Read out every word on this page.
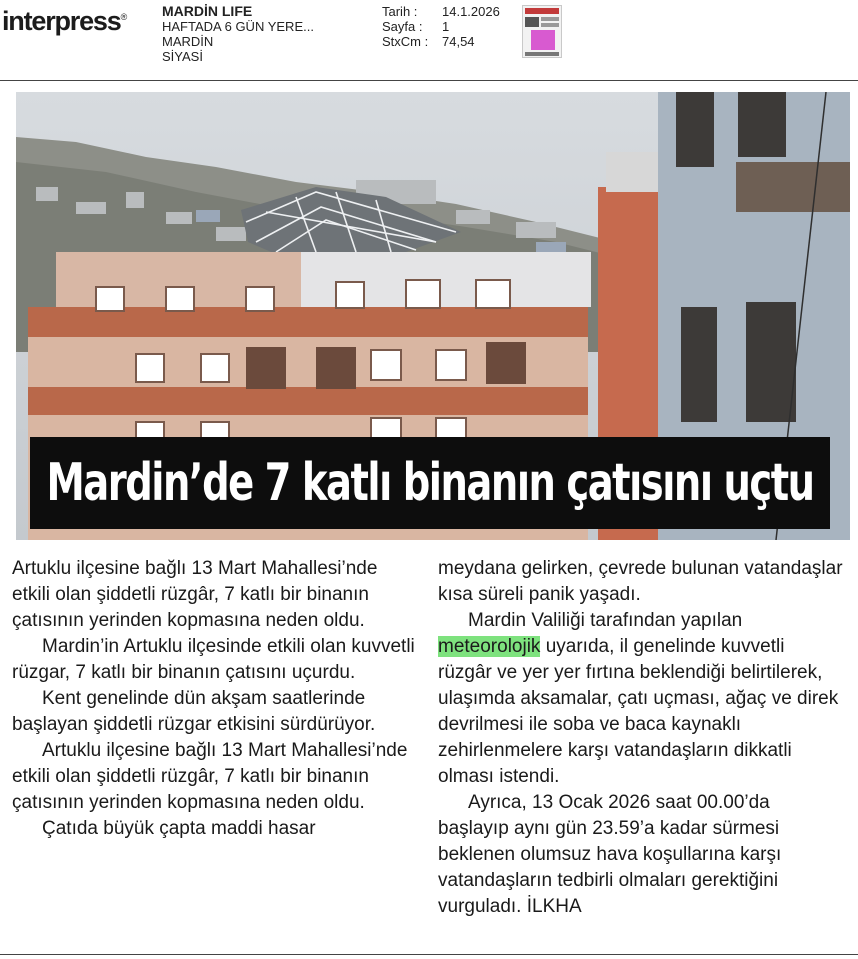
interpress®	MARDİN LIFE
HAFTADA 6 GÜN YERE...
MARDİN
SİYASİ
Tarih :	14.1.2026
Sayfa :	1
StxCm :	74,54
Mardin’de 7 katlı binanın çatısını uçtu

Artuklu ilçesine bağlı 13 Mart Mahallesi’nde etkili olan şiddetli rüzgâr, 7 katlı bir binanın çatısının yerinden kopmasına neden oldu.

Mardin’in Artuklu ilçesinde etkili olan kuvvetli rüzgar, 7 katlı bir binanın çatısını uçurdu.

Kent genelinde dün akşam saatlerinde başlayan şiddetli rüzgar etkisini sürdürüyor.

Artuklu ilçesine bağlı 13 Mart Mahallesi’nde etkili olan şiddetli rüzgâr, 7 katlı bir binanın çatısının yerinden kopmasına neden oldu.

Çatıda büyük çapta maddi hasar

meydana gelirken, çevrede bulunan vatandaşlar kısa süreli panik yaşadı.

Mardin Valiliği tarafından yapılan meteorolojik uyarıda, il genelinde kuvvetli rüzgâr ve yer yer fırtına beklendiği belirtilerek, ulaşımda aksamalar, çatı uçması, ağaç ve direk devrilmesi ile soba ve baca kaynaklı zehirlenmelere karşı vatandaşların dikkatli olması istendi.

Ayrıca, 13 Ocak 2026 saat 00.00’da başlayıp aynı gün 23.59’a kadar sürmesi beklenen olumsuz hava koşullarına karşı vatandaşların tedbirli olmaları gerektiğini vurguladı. İLKHA
